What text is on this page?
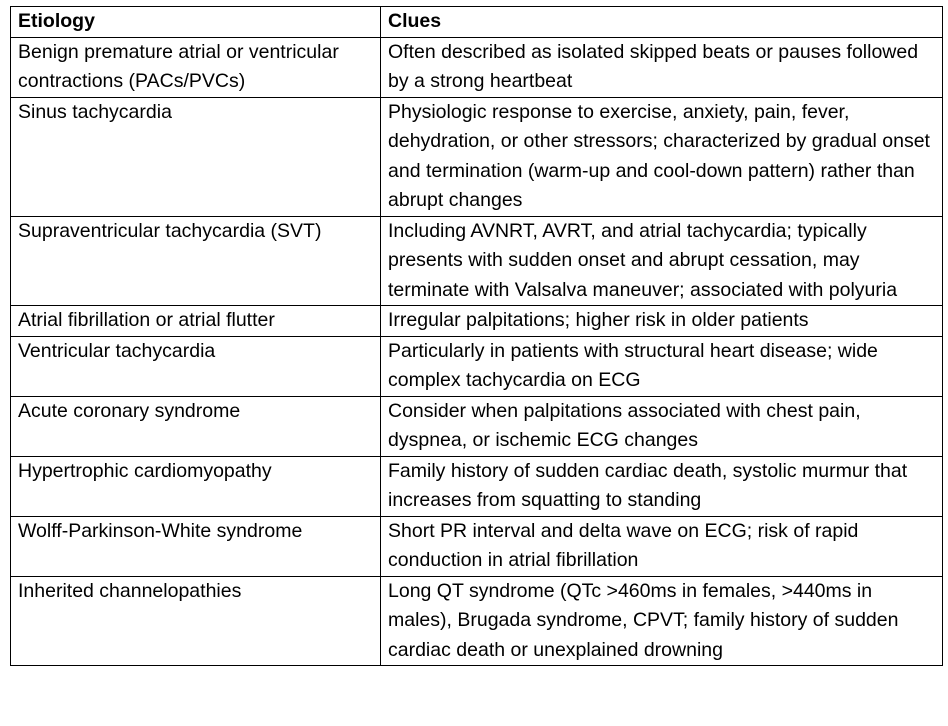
Etiology	Clues
Benign premature atrial or ventricular contractions (PACs/PVCs)	Often described as isolated skipped beats or pauses followed by a strong heartbeat
Sinus tachycardia	Physiologic response to exercise, anxiety, pain, fever, dehydration, or other stressors; characterized by gradual onset and termination (warm-up and cool-down pattern) rather than abrupt changes
Supraventricular tachycardia (SVT)	Including AVNRT, AVRT, and atrial tachycardia; typically presents with sudden onset and abrupt cessation, may terminate with Valsalva maneuver; associated with polyuria
Atrial fibrillation or atrial flutter	Irregular palpitations; higher risk in older patients
Ventricular tachycardia	Particularly in patients with structural heart disease; wide complex tachycardia on ECG
Acute coronary syndrome	Consider when palpitations associated with chest pain, dyspnea, or ischemic ECG changes
Hypertrophic cardiomyopathy	Family history of sudden cardiac death, systolic murmur that increases from squatting to standing
Wolff-Parkinson-White syndrome	Short PR interval and delta wave on ECG; risk of rapid conduction in atrial fibrillation
Inherited channelopathies	Long QT syndrome (QTc >460ms in females, >440ms in males), Brugada syndrome, CPVT; family history of sudden cardiac death or unexplained drowning
